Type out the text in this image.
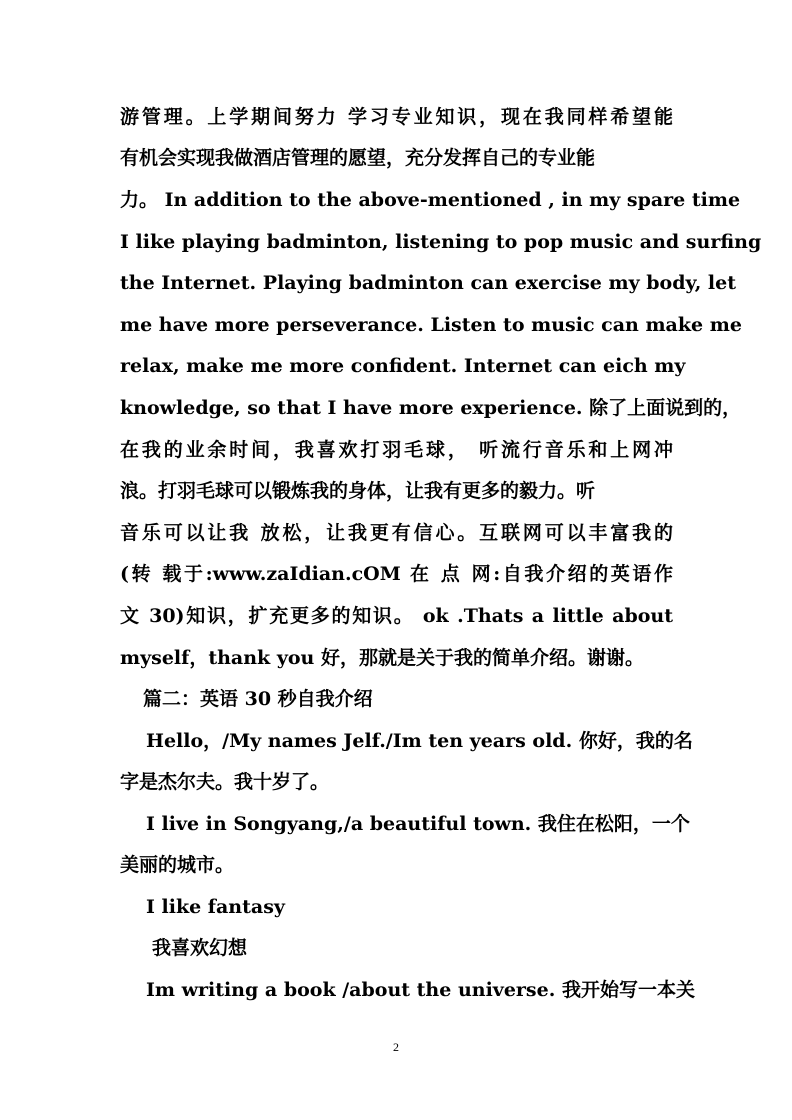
游管理。上学期间努力 学习专业知识，现在我同样希望能
有机会实现我做酒店管理的愿望，充分发挥自己的专业能
力。 In addition to the above-mentioned , in my spare time
I like playing badminton, listening to pop music and surfing
the Internet. Playing badminton can exercise my body, let
me have more perseverance. Listen to music can make me
relax, make me more confident. Internet can eich my
knowledge, so that I have more experience. 除了上面说到的，
在我的业余时间，我喜欢打羽毛球， 听流行音乐和上网冲
浪。打羽毛球可以锻炼我的身体，让我有更多的毅力。听
音乐可以让我 放松，让我更有信心。互联网可以丰富我的
(转 载于:www.zaIdian.cOM 在 点 网:自我介绍的英语作
文 30)知识，扩充更多的知识。 ok .Thats a little about
myself，thank you 好，那就是关于我的简单介绍。谢谢。
篇二：英语 30 秒自我介绍
Hello，/My names Jelf./Im ten years old. 你好，我的名
字是杰尔夫。我十岁了。
I live in Songyang,/a beautiful town. 我住在松阳，一个
美丽的城市。
I like fantasy
我喜欢幻想
Im writing a book /about the universe. 我开始写一本关
2
